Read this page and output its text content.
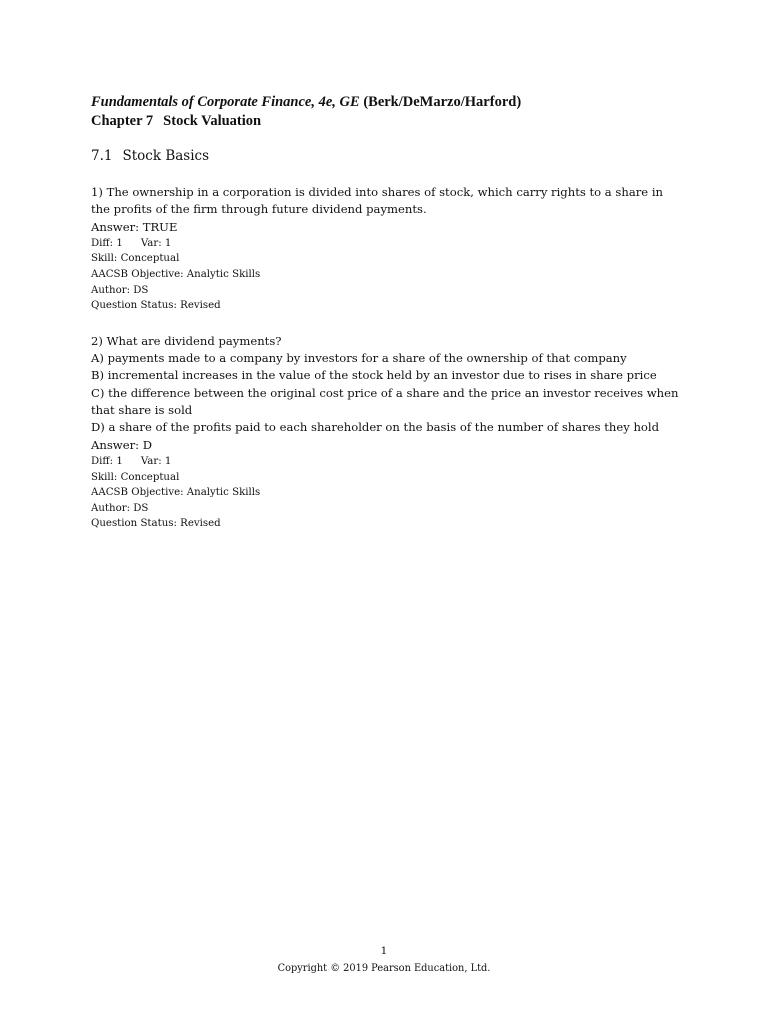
Fundamentals of Corporate Finance, 4e, GE (Berk/DeMarzo/Harford)

Chapter 7 Stock Valuation

7.1 Stock Basics

1) The ownership in a corporation is divided into shares of stock, which carry rights to a share in the profits of the firm through future dividend payments.

Answer: TRUE

Diff: 1 Var: 1

Skill: Conceptual

AACSB Objective: Analytic Skills

Author: DS

Question Status: Revised

2) What are dividend payments?

A) payments made to a company by investors for a share of the ownership of that company

B) incremental increases in the value of the stock held by an investor due to rises in share price

C) the difference between the original cost price of a share and the price an investor receives when that share is sold

D) a share of the profits paid to each shareholder on the basis of the number of shares they hold

Answer: D

Diff: 1 Var: 1

Skill: Conceptual

AACSB Objective: Analytic Skills

Author: DS

Question Status: Revised

1
Copyright © 2019 Pearson Education, Ltd.
